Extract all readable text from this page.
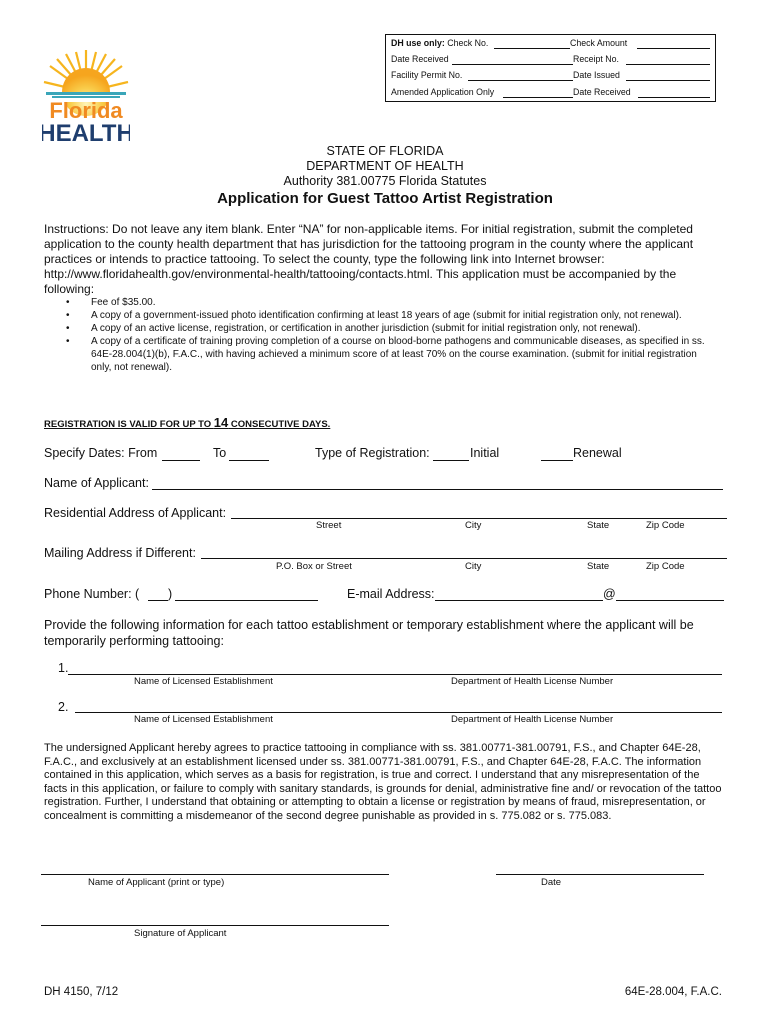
DH use only: Check No.	Check Amount
Date Received	Receipt No.
Facility Permit No.	Date Issued
Amended Application Only	Date Received
Florida
HEALTH
STATE OF FLORIDA
DEPARTMENT OF HEALTH
Authority 381.00775 Florida Statutes
Application for Guest Tattoo Artist Registration

Instructions: Do not leave any item blank. Enter “NA” for non-applicable items. For initial registration, submit the completed application to the county health department that has jurisdiction for the tattooing program in the county where the applicant practices or intends to practice tattooing. To select the county, type the following link into Internet browser: http://www.floridahealth.gov/environmental-health/tattooing/contacts.html. This application must be accompanied by the following:

• Fee of $35.00.
• A copy of a government-issued photo identification confirming at least 18 years of age (submit for initial registration only, not renewal).
• A copy of an active license, registration, or certification in another jurisdiction (submit for initial registration only, not renewal).
• A copy of a certificate of training proving completion of a course on blood-borne pathogens and communicable diseases, as specified in ss. 64E-28.004(1)(b), F.A.C., with having achieved a minimum score of at least 70% on the course examination. (submit for initial registration only, not renewal).
REGISTRATION IS VALID FOR UP TO 14 CONSECUTIVE DAYS.
Specify Dates: From	To	Type of Registration:	Initial	Renewal
Name of Applicant:
Residential Address of Applicant:
Street	City	State	Zip Code
Mailing Address if Different:
P.O. Box or Street	City	State	Zip Code
Phone Number: ( )	E-mail Address:	@

Provide the following information for each tattoo establishment or temporary establishment where the applicant will be temporarily performing tattooing:

1.
Name of Licensed Establishment	Department of Health License Number
2.
Name of Licensed Establishment	Department of Health License Number

The undersigned Applicant hereby agrees to practice tattooing in compliance with ss. 381.00771-381.00791, F.S., and Chapter 64E-28, F.A.C., and exclusively at an establishment licensed under ss. 381.00771-381.00791, F.S., and Chapter 64E-28, F.A.C. The information contained in this application, which serves as a basis for registration, is true and correct. I understand that any misrepresentation of the facts in this application, or failure to comply with sanitary standards, is grounds for denial, administrative fine and/ or revocation of the tattoo registration. Further, I understand that obtaining or attempting to obtain a license or registration by means of fraud, misrepresentation, or concealment is committing a misdemeanor of the second degree punishable as provided in s. 775.082 or s. 775.083.

Name of Applicant (print or type)	Date
Signature of Applicant
DH 4150, 7/12	64E-28.004, F.A.C.
